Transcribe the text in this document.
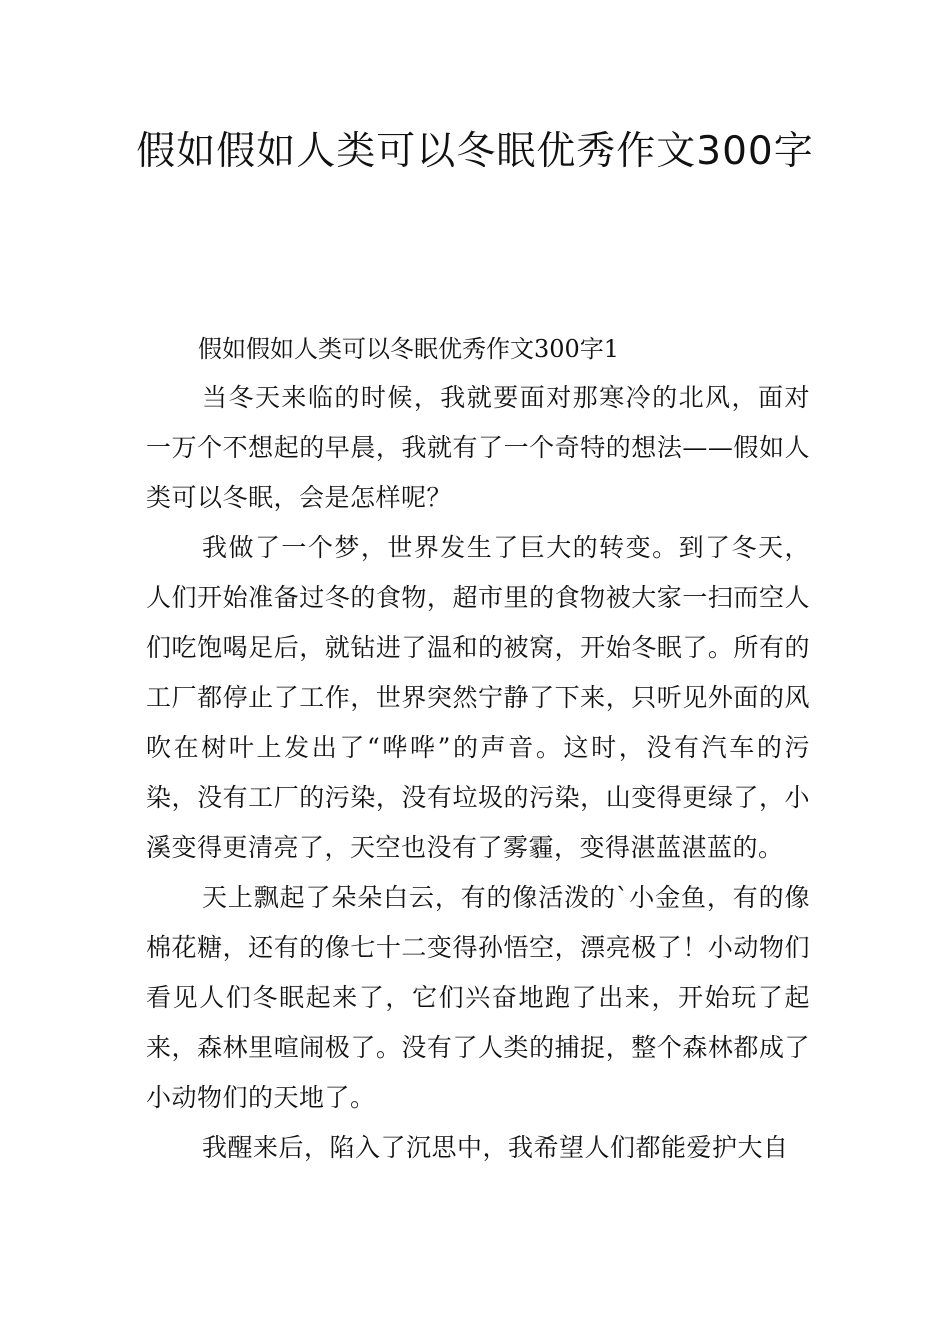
假如假如人类可以冬眠优秀作文300字

假如假如人类可以冬眠优秀作文300字1

当冬天来临的时候，我就要面对那寒冷的北风，面对一万个不想起的早晨，我就有了一个奇特的想法——假如人类可以冬眠，会是怎样呢？

我做了一个梦，世界发生了巨大的转变。到了冬天，人们开始准备过冬的食物，超市里的食物被大家一扫而空人们吃饱喝足后，就钻进了温和的被窝，开始冬眠了。所有的工厂都停止了工作，世界突然宁静了下来，只听见外面的风吹在树叶上发出了“哗哗”的声音。这时，没有汽车的污染，没有工厂的污染，没有垃圾的污染，山变得更绿了，小溪变得更清亮了，天空也没有了雾霾，变得湛蓝湛蓝的。

天上飘起了朵朵白云，有的像活泼的`小金鱼，有的像棉花糖，还有的像七十二变得孙悟空，漂亮极了！小动物们看见人们冬眠起来了，它们兴奋地跑了出来，开始玩了起来，森林里喧闹极了。没有了人类的捕捉，整个森林都成了小动物们的天地了。

我醒来后，陷入了沉思中，我希望人们都能爱护大自
